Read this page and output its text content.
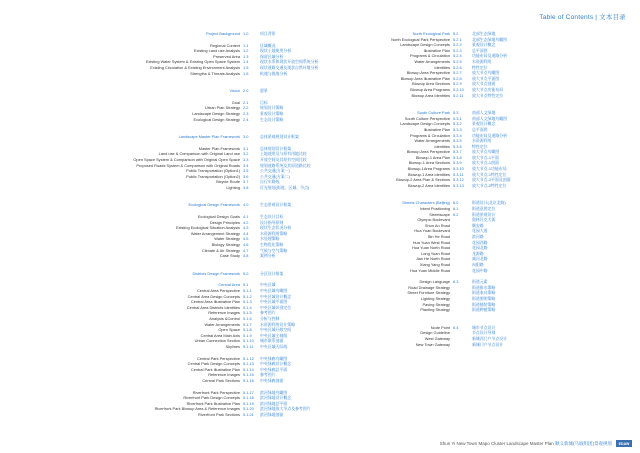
Table of Contents | 文本目录
Project Background 1.0	项目背景
Regional Context 1.1	区域概况
Existing Land use Analysis 1.2	现状土地使用分析
Preserved Area 1.3	保留区域分析
Existing Water System & Existing Open Space System 1.4	现状水系和现状开放空间系统分析
Existing Circulation & Existing Environment Analysis 1.5	现状道路交通及现状自然环境分析
Strengths & Threats Analysis 1.6	机遇与挑战分析
Vision 2.0	愿景
Goal 2.1	目标
Urban Plan Strategy 2.2	规划设计策略
Landscape Design Strategy 2.3	景观设计策略
Ecological Design Strategy 2.4	生态设计策略
Landscape Master Plan Framework 3.0	总体景观规划设计框架
Master Plan Framework 3.1	总体规划设计框架
Land use & Comparison with Original Land use 3.2	土地使用及与原有用地比较
Open Space System & Comparison with Original Open Space 3.3	开放空间及其原有空间比较
Proposed Roads System & Comparison with Original Roads 3.4	规划道路系统及其原道路比较
Public Transportation (Option1) 3.5	公共交通(方案一)
Public Transportation (Option2) 3.6	公共交通(方案二)
Bicycle Route 3.7	自行车路线
Lighting 3.8	灯光规划(街道、区域、节点)
Ecological Design Framework 4.0	生态景观设计框架
Ecological Design Goals 4.1	生态设计目标
Design Principles 4.2	设计指导原则
Existing Ecological Situation Analysis 4.3	现状生态状况分析
Water Arrangement Strategy 4.4	水资源利用策略
Water Strategy 4.5	水处理策略
Biology Strategy 4.6	生物优化策略
Climate & Air Strategy 4.7	气候与空气策略
Case Study 4.8	案例分析
Districts Design Framework 5.0	分区设计框架
Central Area 5.1	中央区域
Central Area Perspective 5.1.1	中央区域鸟瞰图
Central Area Design Concepts 5.1.2	中央区域设计概念
Central Area Illustrative Plan 5.1.3	中央区域平面图
Central Area Districts Identities 5.1.4	中央区域识别定位
Reference Images 5.1.5	参考图片
Analysis &Control 5.1.6	分析与控制
Water Arrangements 5.1.7	水资源利用设计策略
Open Space 5.1.8	中央区域开敞空间
Central Area Main Axis 5.1.9	中央区域主轴线
Urban Connection Section 5.1.10	城市联系剖面
Skylines 5.1.11	中央区域天际线
Central Park Perspective 5.1.12	中央绿廊鸟瞰图
Central Park Design Concepts 5.1.13	中央绿廊设计概念
Central Park Illustrative Plan 5.1.14	中央绿廊总平面
Reference Images 5.1.15	参考图片
Central Park Sections 5.1.16	中央绿廊剖面
Riverfront Park Perspective 5.1.17	滨河绿地鸟瞰图
Riverfront Park Design Concepts 5.1.18	滨河绿地设计概念
Riverfront Park Illustrative Plan 5.1.19	滨河绿地总平面
Riverfront Park Blowup Area & Reference Images 5.1.20	滨河绿地放大节点及参考图片
Riverfront Park Sections 5.1.21	滨河绿地剖面
North Ecological Park 5.2	北部生态绿地
North Ecological Park Perspective 5.2.1	北部生态绿地鸟瞰图
Landscape Design Concepts 5.2.2	景观设计概念
Illustrative Plan 5.2.3	总平面图
Programs & Circulation 5.2.4	功能布局及道路分析
Water Arrangements 5.2.5	水资源利用
Identities 5.2.6	特性定位
Blowup Area Perspective 5.2.7	放大节点鸟瞰图
Blowup Area Illustrative Plan 5.2.8	放大节点平面图
Blowup Area Sections 5.2.9	放大节点剖面
Blowup Area Programs 5.2.10	放大节点功能布局
Blowup Area Identities 5.2.11	放大节点特性定位
South Culture Park 5.3	南部人文绿地
South Culture Perspective 5.3.1	南部人文绿地鸟瞰图
Landscape Design Concepts 5.3.2	景观设计概念
Illustrative Plan 5.3.3	总平面图
Programs & Circulation 5.3.4	功能布局及道路分析
Water Arrangements 5.3.5	水资源利用
Identities 5.3.6	特性定位
Blowup Area Perspective 5.3.7	放大节点鸟瞰图
Blowup-1 Area Plan 5.3.8	放大节点-1平面
Blowup-1 Area Sections 5.3.9	放大节点-1剖面
Blowup-1Area Programs 5.3.10	放大节点-1功能布局
Blowup-1 Area Identities 5.3.11	放大节点-1特性定位
Blowup-2 Area Plan & Sections 5.3.12	放大节点-2平面及剖面
Blowup-2 Area Identities 5.3.13	放大节点-2特性定位
Streets Characters (Beijing) 6.0	街道设计(北京北路)
Intent Positioning 6.1	街道意图定位
Streetscape 6.2	街道景观设计
Olympic Boulevard	奥林匹克大街
Shun An Road	顺安路
Hua Yuan Boulevard	花园大道
Bin He Road	滨河路
Hua Yuan West Road	花园西路
Hua Yuan North Road	花园北路
Long Yuan Road	龙源路
Jian He North Road	减河北路
Xiang Yang Road	向阳路
Hua Yuan Middle Road	花园中路
Design Language 6.3	街道元素
Road Drainage Strategy	街道排水策略
Street Furniture Strategy	街道家具策略
Lighting Strategy	街道照明策略
Paving Strategy	街道铺装策略
Planting Strategy	街道种植策略
Node Point 6.4	城市节点设计
Design Guideline	节点设计导则
West Gateway	新城西门户节点设计
New Town Gateway	新城门户节点设计
Shun Yi New Town Mapo Cluster Landscape Master Plan 顺义新城(马坡组团)景观规划	EDAW
